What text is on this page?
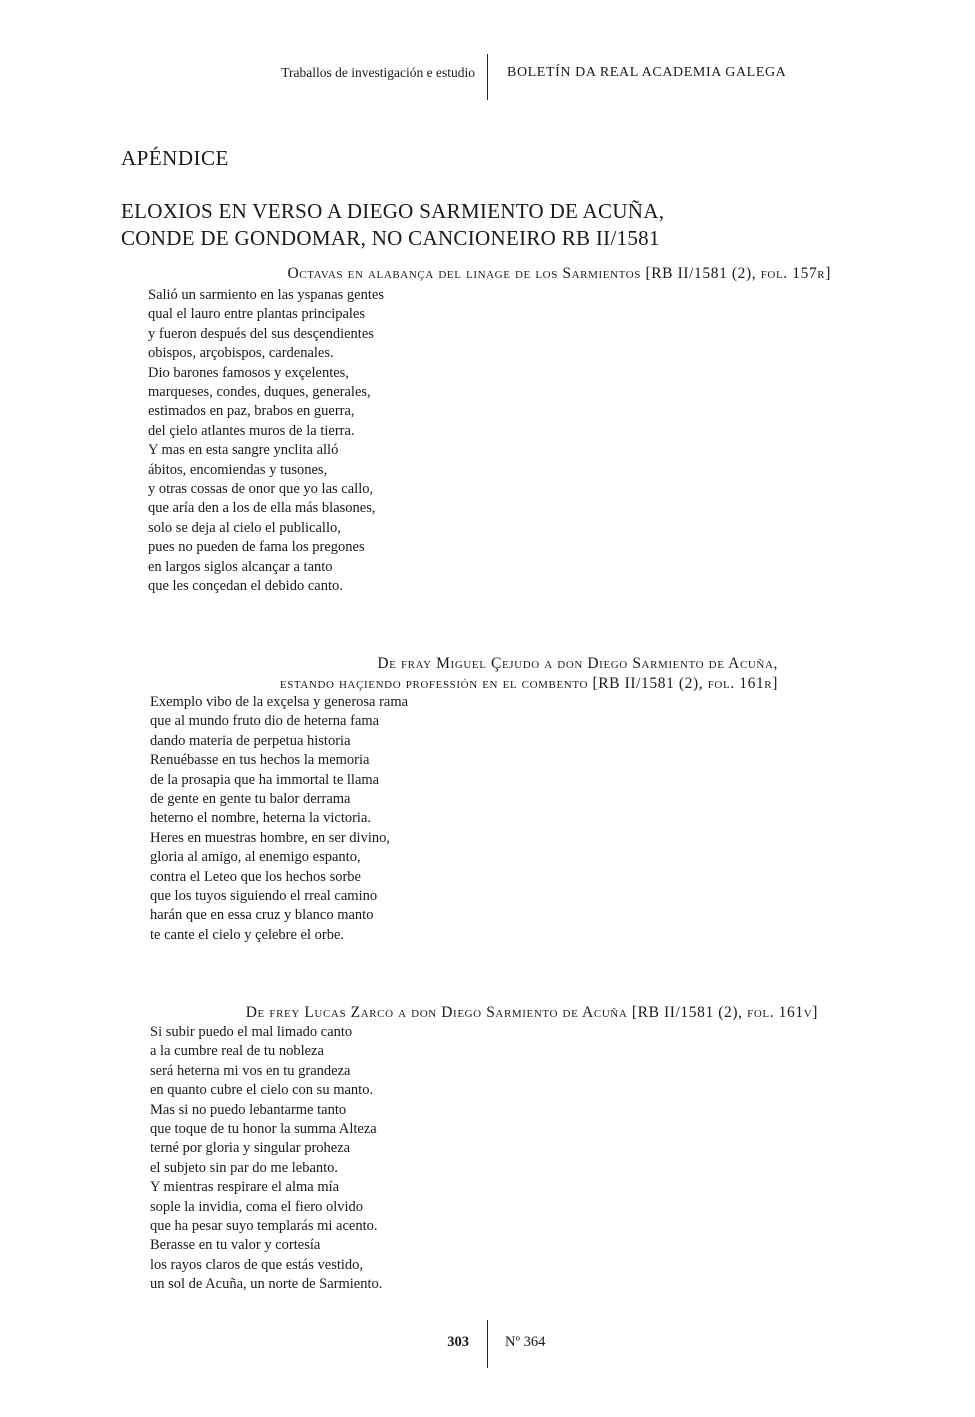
Traballos de investigación e estudio BOLETÍN DA REAL ACADEMIA GALEGA
APÉNDICE
ELOXIOS EN VERSO A DIEGO SARMIENTO DE ACUÑA,
CONDE DE GONDOMAR, NO CANCIONEIRO RB II/1581
Octavas en alabança del linage de los Sarmientos [RB II/1581 (2), fol. 157r]
Salió un sarmiento en las yspanas gentes
qual el lauro entre plantas principales
y fueron después del sus desçendientes
obispos, arçobispos, cardenales.
Dio barones famosos y exçelentes,
marqueses, condes, duques, generales,
estimados en paz, brabos en guerra,
del çielo atlantes muros de la tierra.
Y mas en esta sangre ynclita alló
ábitos, encomiendas y tusones,
y otras cossas de onor que yo las callo,
que aría den a los de ella más blasones,
solo se deja al cielo el publicallo,
pues no pueden de fama los pregones
en largos siglos alcançar a tanto
que les conçedan el debido canto.
De fray Miguel Çejudo a don Diego Sarmiento de Acuña,
estando haçiendo professión en el combento [RB II/1581 (2), fol. 161r]
Exemplo vibo de la exçelsa y generosa rama
que al mundo fruto dio de heterna fama
dando materia de perpetua historia
Renuébasse en tus hechos la memoria
de la prosapia que ha immortal te llama
de gente en gente tu balor derrama
heterno el nombre, heterna la victoria.
Heres en muestras hombre, en ser divino,
gloria al amigo, al enemigo espanto,
contra el Leteo que los hechos sorbe
que los tuyos siguiendo el rreal camino
harán que en essa cruz y blanco manto
te cante el cielo y çelebre el orbe.
De frey Lucas Zarco a don Diego Sarmiento de Acuña [RB II/1581 (2), fol. 161v]
Si subir puedo el mal limado canto
a la cumbre real de tu nobleza
será heterna mi vos en tu grandeza
en quanto cubre el cielo con su manto.
Mas si no puedo lebantarme tanto
que toque de tu honor la summa Alteza
terné por gloria y singular proheza
el subjeto sin par do me lebanto.
Y mientras respirare el alma mía
sople la invidia, coma el fiero olvido
que ha pesar suyo templarás mi acento.
Berasse en tu valor y cortesía
los rayos claros de que estás vestido,
un sol de Acuña, un norte de Sarmiento.
303 Nº 364
